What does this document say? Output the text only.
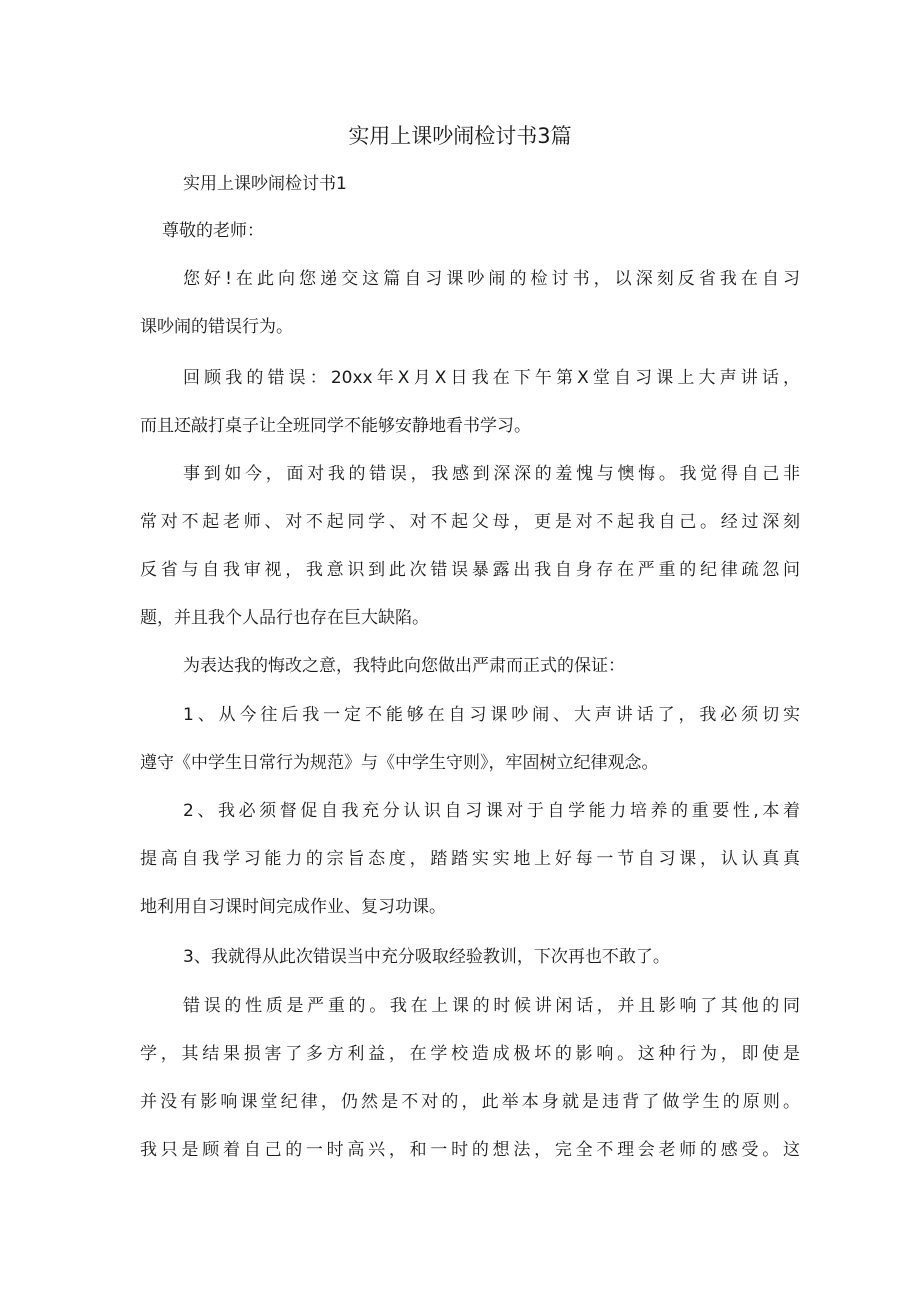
实用上课吵闹检讨书3篇

实用上课吵闹检讨书1

尊敬的老师：

您好!在此向您递交这篇自习课吵闹的检讨书，以深刻反省我在自习

课吵闹的错误行为。

回顾我的错误：20xx年X月X日我在下午第X堂自习课上大声讲话，

而且还敲打桌子让全班同学不能够安静地看书学习。

事到如今，面对我的错误，我感到深深的羞愧与懊悔。我觉得自己非

常对不起老师、对不起同学、对不起父母，更是对不起我自己。经过深刻

反省与自我审视，我意识到此次错误暴露出我自身存在严重的纪律疏忽问

题，并且我个人品行也存在巨大缺陷。

为表达我的悔改之意，我特此向您做出严肃而正式的保证：

1、从今往后我一定不能够在自习课吵闹、大声讲话了，我必须切实

遵守《中学生日常行为规范》与《中学生守则》，牢固树立纪律观念。

2、我必须督促自我充分认识自习课对于自学能力培养的重要性,本着

提高自我学习能力的宗旨态度，踏踏实实地上好每一节自习课，认认真真

地利用自习课时间完成作业、复习功课。

3、我就得从此次错误当中充分吸取经验教训，下次再也不敢了。

错误的性质是严重的。我在上课的时候讲闲话，并且影响了其他的同

学，其结果损害了多方利益，在学校造成极坏的影响。这种行为，即使是

并没有影响课堂纪律，仍然是不对的，此举本身就是违背了做学生的原则。

我只是顾着自己的一时高兴，和一时的想法，完全不理会老师的感受。这
